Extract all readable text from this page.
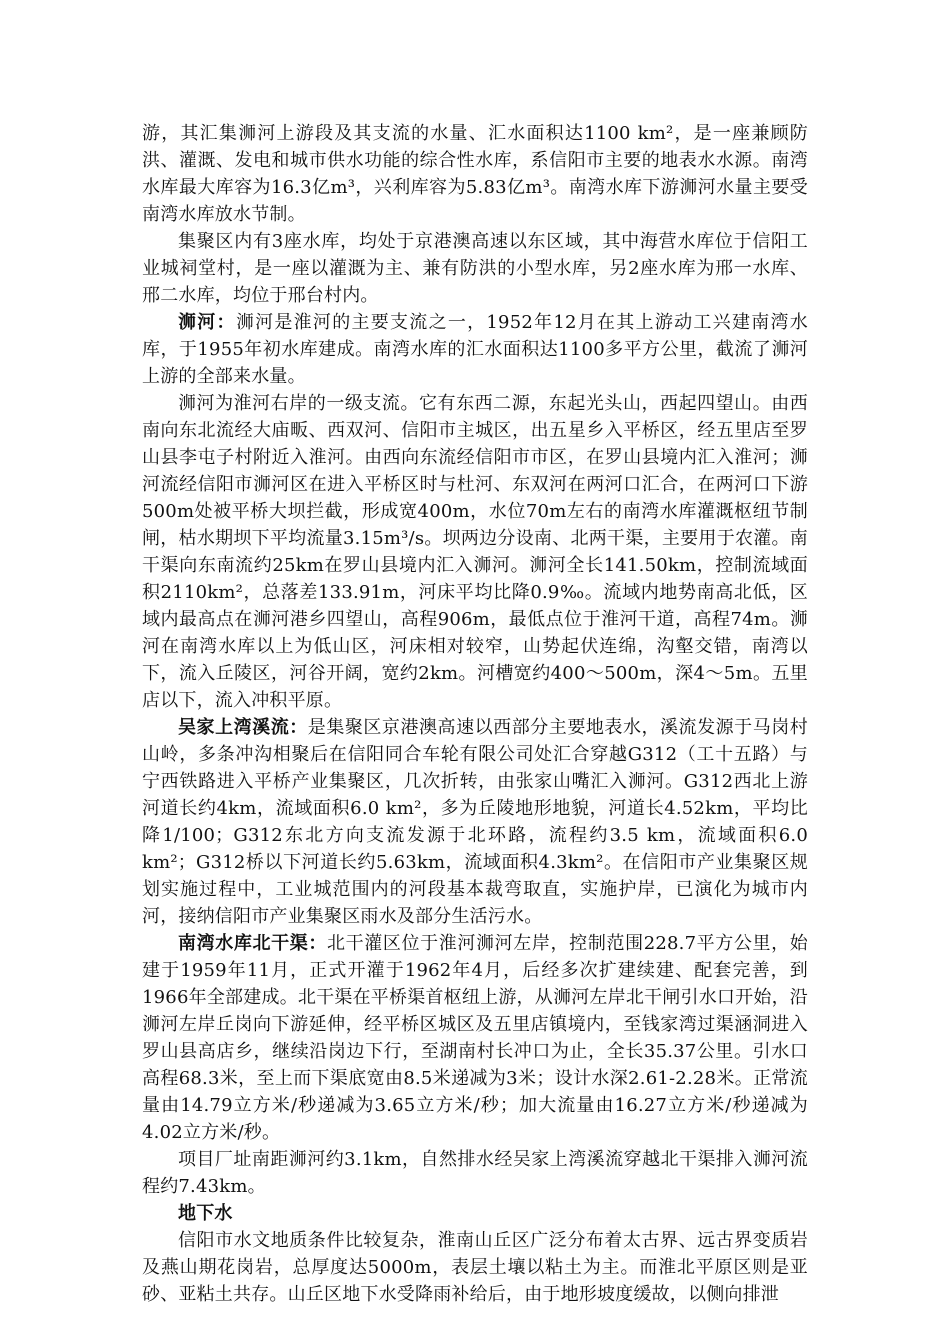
游，其汇集浉河上游段及其支流的水量、汇水面积达1100 km²，是一座兼顾防洪、灌溉、发电和城市供水功能的综合性水库，系信阳市主要的地表水水源。南湾水库最大库容为16.3亿m³，兴利库容为5.83亿m³。南湾水库下游浉河水量主要受南湾水库放水节制。

集聚区内有3座水库，均处于京港澳高速以东区域，其中海营水库位于信阳工业城祠堂村，是一座以灌溉为主、兼有防洪的小型水库，另2座水库为邢一水库、邢二水库，均位于邢台村内。

浉河：浉河是淮河的主要支流之一，1952年12月在其上游动工兴建南湾水库，于1955年初水库建成。南湾水库的汇水面积达1100多平方公里，截流了浉河上游的全部来水量。

浉河为淮河右岸的一级支流。它有东西二源，东起光头山，西起四望山。由西南向东北流经大庙畈、西双河、信阳市主城区，出五星乡入平桥区，经五里店至罗山县李屯子村附近入淮河。由西向东流经信阳市市区，在罗山县境内汇入淮河；浉河流经信阳市浉河区在进入平桥区时与杜河、东双河在两河口汇合，在两河口下游500m处被平桥大坝拦截，形成宽400m，水位70m左右的南湾水库灌溉枢纽节制闸，枯水期坝下平均流量3.15m³/s。坝两边分设南、北两干渠，主要用于农灌。南干渠向东南流约25km在罗山县境内汇入浉河。浉河全长141.50km，控制流域面积2110km²，总落差133.91m，河床平均比降0.9‰。流域内地势南高北低，区域内最高点在浉河港乡四望山，高程906m，最低点位于淮河干道，高程74m。浉河在南湾水库以上为低山区，河床相对较窄，山势起伏连绵，沟壑交错，南湾以下，流入丘陵区，河谷开阔，宽约2km。河槽宽约400～500m，深4～5m。五里店以下，流入冲积平原。

吴家上湾溪流：是集聚区京港澳高速以西部分主要地表水，溪流发源于马岗村山岭，多条冲沟相聚后在信阳同合车轮有限公司处汇合穿越G312（工十五路）与宁西铁路进入平桥产业集聚区，几次折转，由张家山嘴汇入浉河。G312西北上游河道长约4km，流域面积6.0 km²，多为丘陵地形地貌，河道长4.52km，平均比降1/100；G312东北方向支流发源于北环路，流程约3.5 km，流域面积6.0 km²；G312桥以下河道长约5.63km，流域面积4.3km²。在信阳市产业集聚区规划实施过程中，工业城范围内的河段基本裁弯取直，实施护岸，已演化为城市内河，接纳信阳市产业集聚区雨水及部分生活污水。

南湾水库北干渠：北干灌区位于淮河浉河左岸，控制范围228.7平方公里，始建于1959年11月，正式开灌于1962年4月，后经多次扩建续建、配套完善，到1966年全部建成。北干渠在平桥渠首枢纽上游，从浉河左岸北干闸引水口开始，沿浉河左岸丘岗向下游延伸，经平桥区城区及五里店镇境内，至钱家湾过渠涵洞进入罗山县高店乡，继续沿岗边下行，至湖南村长冲口为止，全长35.37公里。引水口高程68.3米，至上而下渠底宽由8.5米递减为3米；设计水深2.61-2.28米。正常流量由14.79立方米/秒递减为3.65立方米/秒；加大流量由16.27立方米/秒递减为4.02立方米/秒。

项目厂址南距浉河约3.1km，自然排水经吴家上湾溪流穿越北干渠排入浉河流程约7.43km。

地下水

信阳市水文地质条件比较复杂，淮南山丘区广泛分布着太古界、远古界变质岩及燕山期花岗岩，总厚度达5000m，表层土壤以粘土为主。而淮北平原区则是亚砂、亚粘土共存。山丘区地下水受降雨补给后，由于地形坡度缓故，以侧向排泄
